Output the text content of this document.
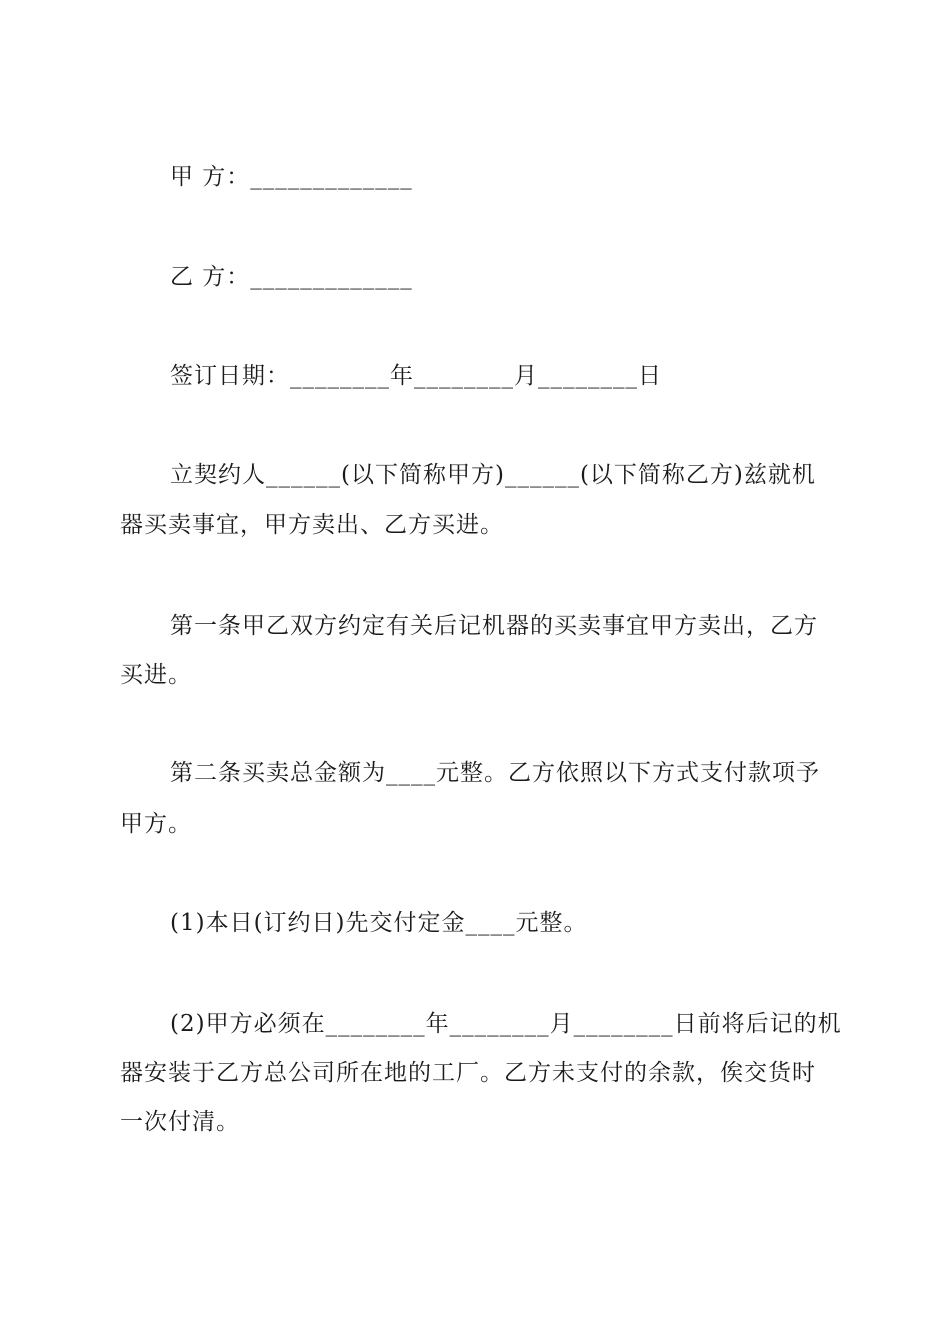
甲 方：_____________
乙 方：_____________
签订日期：________年________月________日
立契约人______(以下简称甲方)______(以下简称乙方)兹就机
器买卖事宜，甲方卖出、乙方买进。
第一条甲乙双方约定有关后记机器的买卖事宜甲方卖出，乙方
买进。
第二条买卖总金额为____元整。乙方依照以下方式支付款项予
甲方。
(1)本日(订约日)先交付定金____元整。
(2)甲方必须在________年________月________日前将后记的机
器安装于乙方总公司所在地的工厂。乙方未支付的余款，俟交货时
一次付清。
